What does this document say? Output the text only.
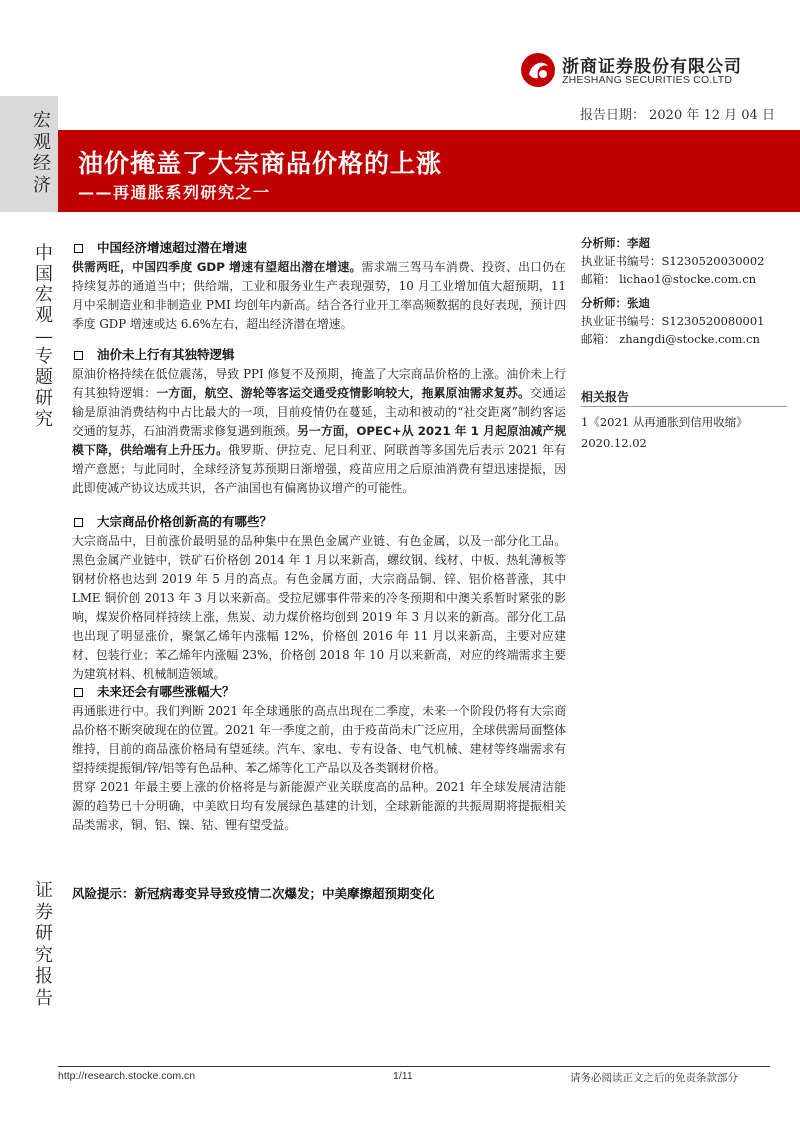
浙商证券股份有限公司
ZHESHANG SECURITIES CO.LTD
宏观经济
中国宏观—专题研究
证券研究报告
报告日期： 2020 年 12 月 04 日
油价掩盖了大宗商品价格的上涨
——再通胀系列研究之一
中国经济增速超过潜在增速

供需两旺，中国四季度 GDP 增速有望超出潜在增速。需求端三驾马车消费、投资、出口仍在持续复苏的通道当中；供给端，工业和服务业生产表现强势，10 月工业增加值大超预期，11 月中采制造业和非制造业 PMI 均创年内新高。结合各行业开工率高频数据的良好表现，预计四季度 GDP 增速或达 6.6%左右，超出经济潜在增速。

油价未上行有其独特逻辑

原油价格持续在低位震荡，导致 PPI 修复不及预期，掩盖了大宗商品价格的上涨。油价未上行有其独特逻辑：一方面，航空、游轮等客运交通受疫情影响较大，拖累原油需求复苏。交通运输是原油消费结构中占比最大的一项，目前疫情仍在蔓延，主动和被动的“社交距离”制约客运交通的复苏，石油消费需求修复遇到瓶颈。另一方面，OPEC+从 2021 年 1 月起原油减产规模下降，供给端有上升压力。俄罗斯、伊拉克、尼日利亚、阿联酋等多国先后表示 2021 年有增产意愿；与此同时，全球经济复苏预期日渐增强，疫苗应用之后原油消费有望迅速提振，因此即使减产协议达成共识，各产油国也有偏离协议增产的可能性。

大宗商品价格创新高的有哪些？

大宗商品中，目前涨价最明显的品种集中在黑色金属产业链、有色金属，以及一部分化工品。黑色金属产业链中，铁矿石价格创 2014 年 1 月以来新高，螺纹钢、线材、中板、热轧薄板等钢材价格也达到 2019 年 5 月的高点。有色金属方面，大宗商品铜、锌、铝价格普涨，其中 LME 铜价创 2013 年 3 月以来新高。受拉尼娜事件带来的冷冬预期和中澳关系暂时紧张的影响，煤炭价格同样持续上涨，焦炭、动力煤价格均创到 2019 年 3 月以来的新高。部分化工品也出现了明显涨价，聚氯乙烯年内涨幅 12%，价格创 2016 年 11 月以来新高，主要对应建材、包装行业；苯乙烯年内涨幅 23%，价格创 2018 年 10 月以来新高，对应的终端需求主要为建筑材料、机械制造领域。

未来还会有哪些涨幅大？

再通胀进行中。我们判断 2021 年全球通胀的高点出现在二季度，未来一个阶段仍将有大宗商品价格不断突破现在的位置。2021 年一季度之前，由于疫苗尚未广泛应用，全球供需局面整体维持，目前的商品涨价格局有望延续。汽车、家电、专有设备、电气机械、建材等终端需求有望持续提振铜/锌/铝等有色品种、苯乙烯等化工产品以及各类钢材价格。

贯穿 2021 年最主要上涨的价格将是与新能源产业关联度高的品种。2021 年全球发展清洁能源的趋势已十分明确，中美欧日均有发展绿色基建的计划，全球新能源的共振周期将提振相关品类需求，铜、铝、镍、钴、锂有望受益。

风险提示：新冠病毒变异导致疫情二次爆发；中美摩擦超预期变化
分析师：李超
执业证书编号：S1230520030002
邮箱： lichao1@stocke.com.cn
分析师：张迪
执业证书编号：S1230520080001
邮箱： zhangdi@stocke.com.cn
相关报告
1《2021 从再通胀到信用收缩》
2020.12.02
http://research.stocke.com.cn	1/11	请务必阅读正文之后的免责条款部分
